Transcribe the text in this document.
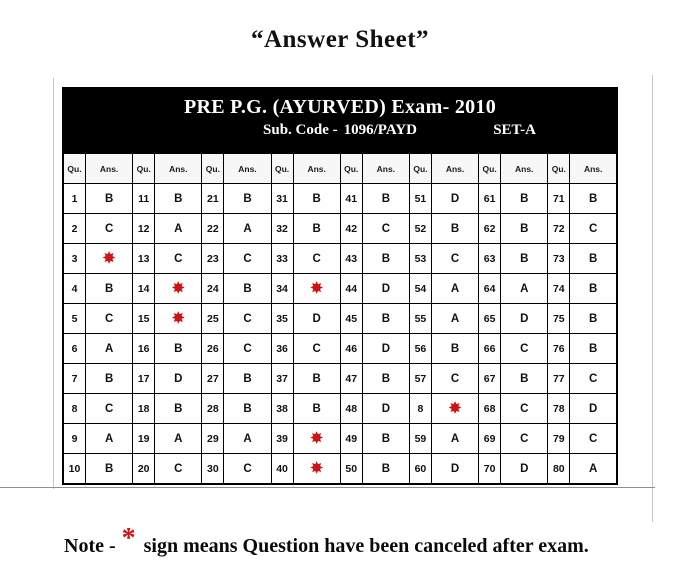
“Answer Sheet”
PRE P.G. (AYURVED) Exam- 2010
Sub. Code - 1096/PAYD	SET-A
Qu.	Ans.	Qu.	Ans.	Qu.	Ans.	Qu.	Ans.	Qu.	Ans.	Qu.	Ans.	Qu.	Ans.	Qu.	Ans.
1	B	11	B	21	B	31	B	41	B	51	D	61	B	71	B
2	C	12	A	22	A	32	B	42	C	52	B	62	B	72	C
3	✸	13	C	23	C	33	C	43	B	53	C	63	B	73	B
4	B	14	✸	24	B	34	✸	44	D	54	A	64	A	74	B
5	C	15	✸	25	C	35	D	45	B	55	A	65	D	75	B
6	A	16	B	26	C	36	C	46	D	56	B	66	C	76	B
7	B	17	D	27	B	37	B	47	B	57	C	67	B	77	C
8	C	18	B	28	B	38	B	48	D	8	✸	68	C	78	D
9	A	19	A	29	A	39	✸	49	B	59	A	69	C	79	C
10	B	20	C	30	C	40	✸	50	B	60	D	70	D	80	A
Note - * sign means Question have been canceled after exam.
